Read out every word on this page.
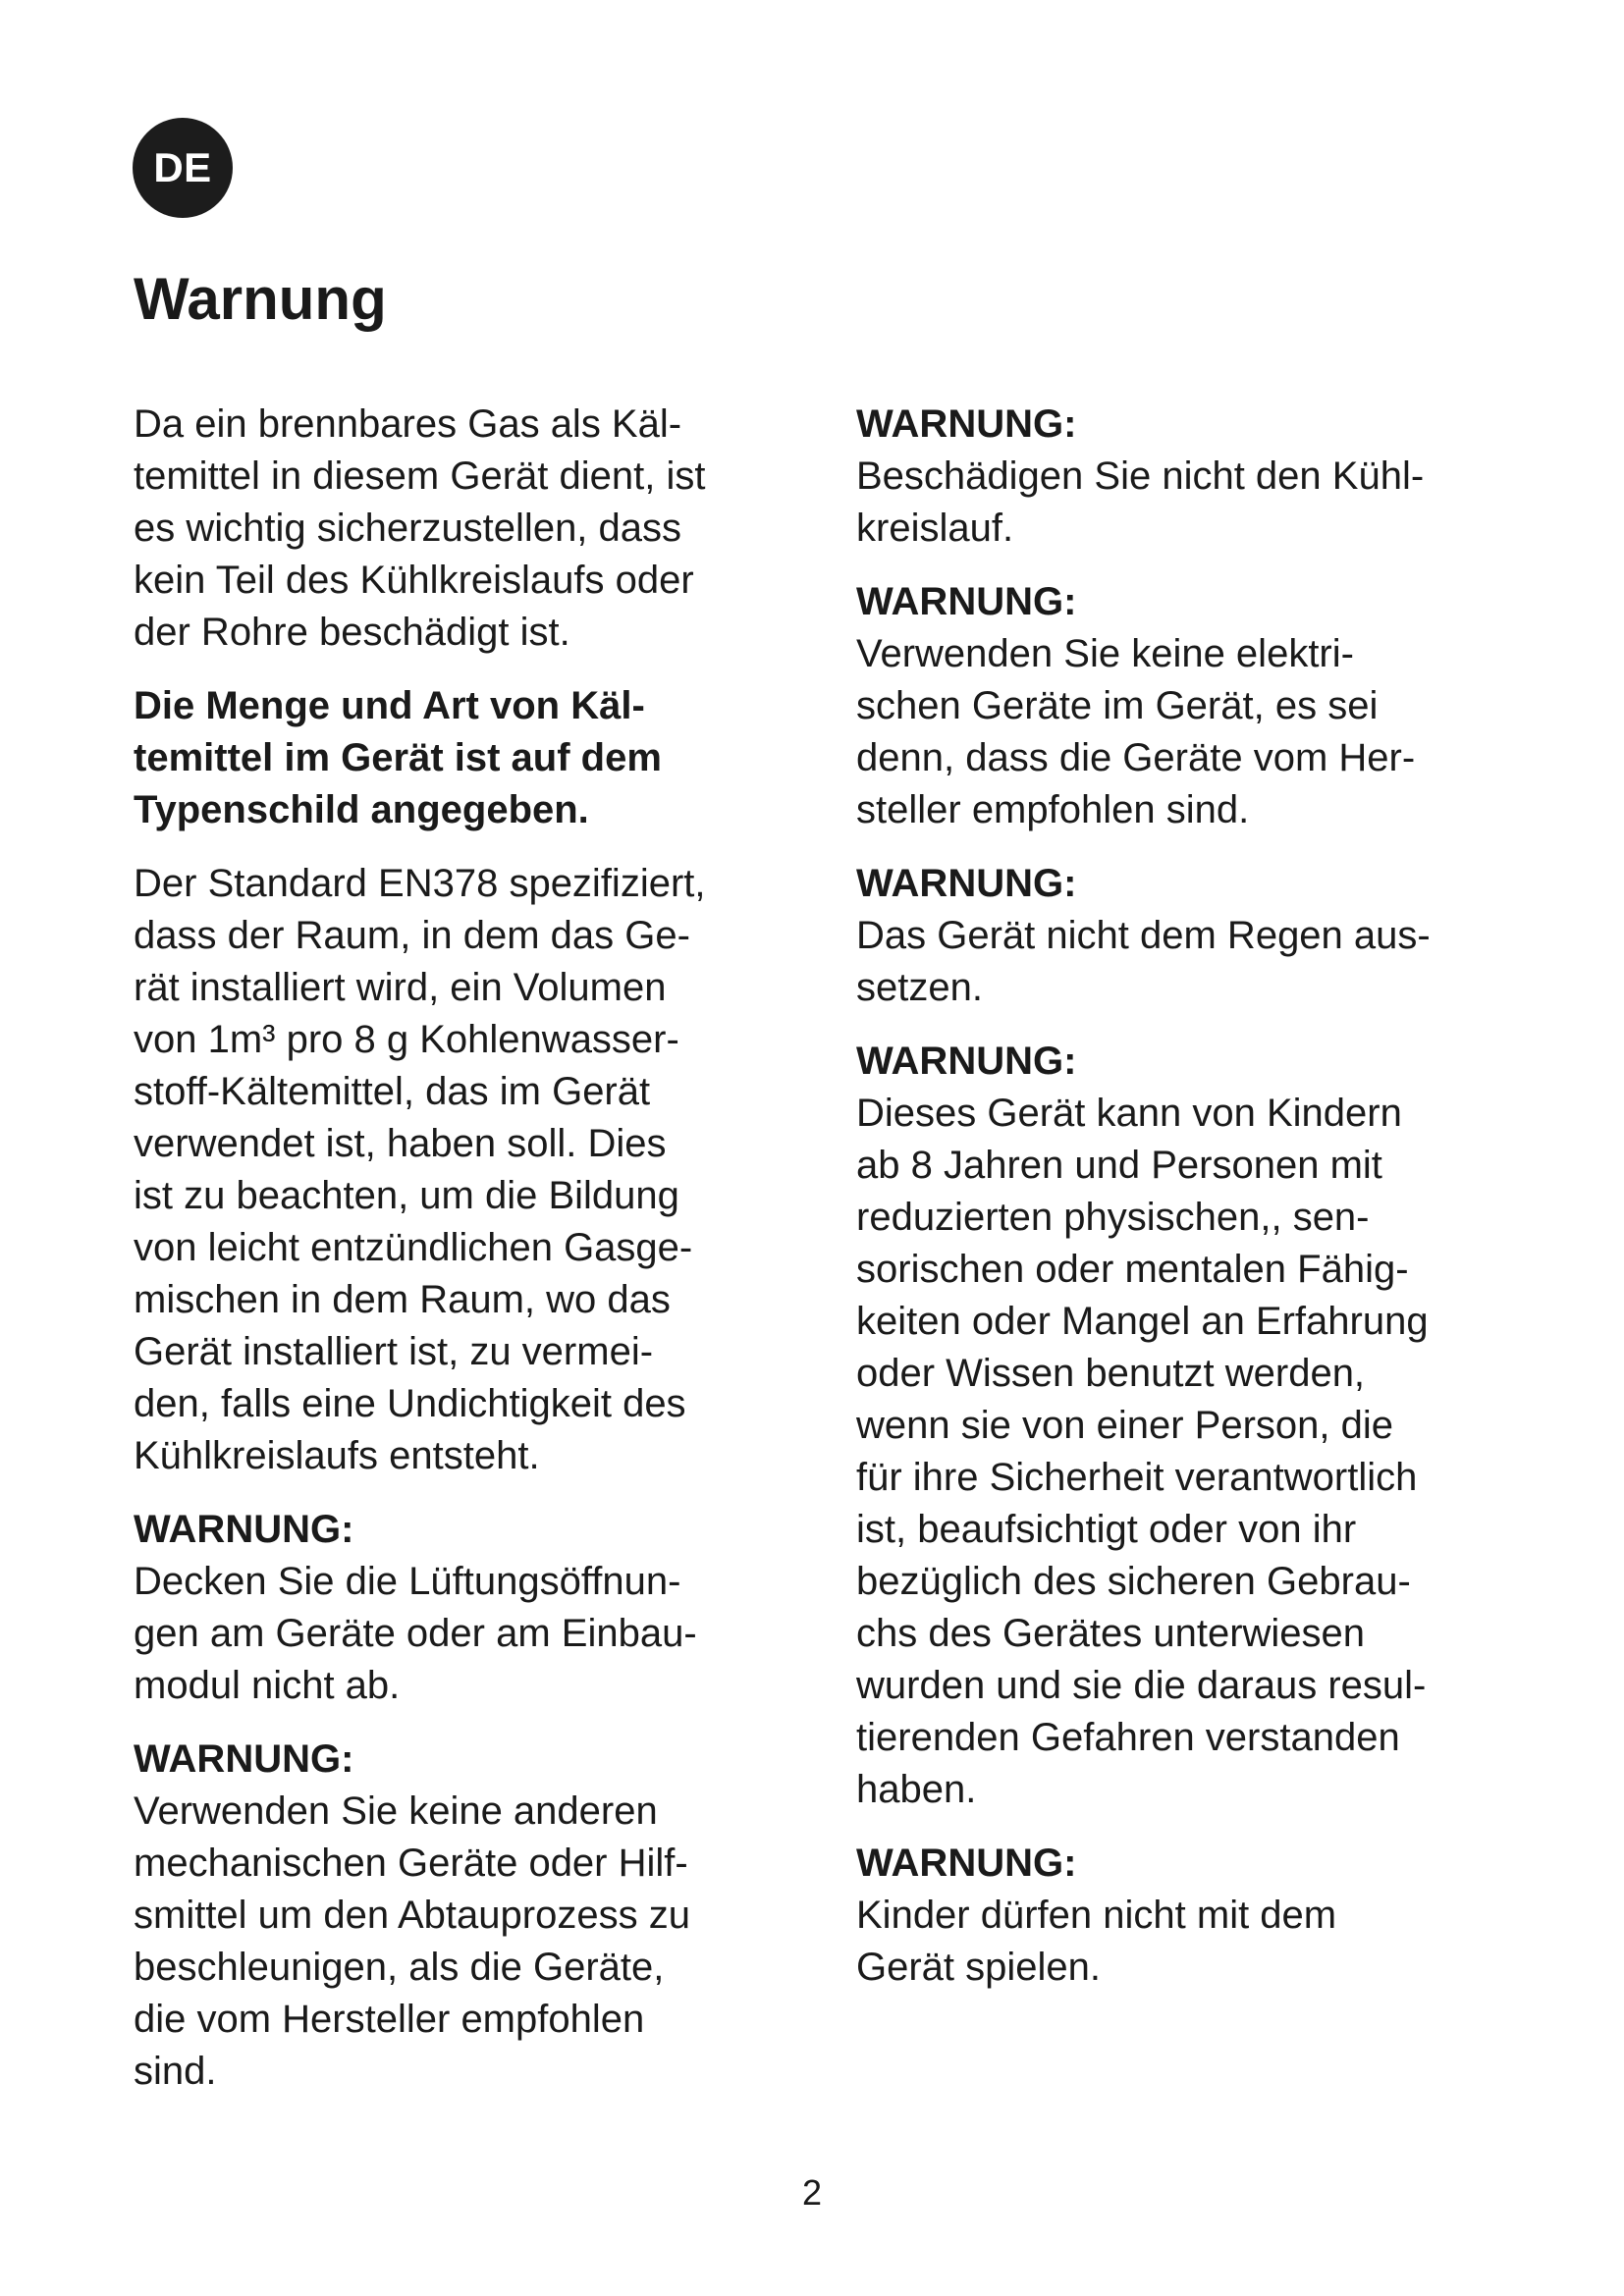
DE
Warnung

Da ein brennbares Gas als Käl-
temittel in diesem Gerät dient, ist
es wichtig sicherzustellen, dass
kein Teil des Kühlkreislaufs oder
der Rohre beschädigt ist.

Die Menge und Art von Käl-
temittel im Gerät ist auf dem
Typenschild angegeben.

Der Standard EN378 spezifiziert,
dass der Raum, in dem das Ge-
rät installiert wird, ein Volumen
von 1m³ pro 8 g Kohlenwasser-
stoff-Kältemittel, das im Gerät
verwendet ist, haben soll. Dies
ist zu beachten, um die Bildung
von leicht entzündlichen Gasge-
mischen in dem Raum, wo das
Gerät installiert ist, zu vermei-
den, falls eine Undichtigkeit des
Kühlkreislaufs entsteht.

WARNUNG:
Decken Sie die Lüftungsöffnun-
gen am Geräte oder am Einbau-
modul nicht ab.
WARNUNG:
Verwenden Sie keine anderen
mechanischen Geräte oder Hilf-
smittel um den Abtauprozess zu
beschleunigen, als die Geräte,
die vom Hersteller empfohlen
sind.
WARNUNG:
Beschädigen Sie nicht den Kühl-
kreislauf.
WARNUNG:
Verwenden Sie keine elektri-
schen Geräte im Gerät, es sei
denn, dass die Geräte vom Her-
steller empfohlen sind.
WARNUNG:
Das Gerät nicht dem Regen aus-
setzen.
WARNUNG:
Dieses Gerät kann von Kindern
ab 8 Jahren und Personen mit
reduzierten physischen,, sen-
sorischen oder mentalen Fähig-
keiten oder Mangel an Erfahrung
oder Wissen benutzt werden,
wenn sie von einer Person, die
für ihre Sicherheit verantwortlich
ist, beaufsichtigt oder von ihr
bezüglich des sicheren Gebrau-
chs des Gerätes unterwiesen
wurden und sie die daraus resul-
tierenden Gefahren verstanden
haben.
WARNUNG:
Kinder dürfen nicht mit dem
Gerät spielen.
2
